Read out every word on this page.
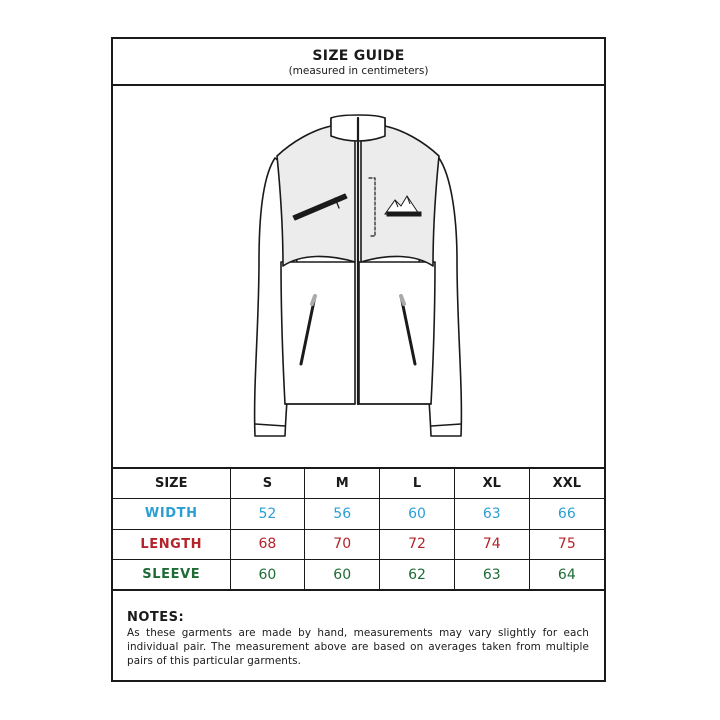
SIZE GUIDE
(measured in centimeters)
SIZE	S	M	L	XL	XXL
WIDTH	52	56	60	63	66
LENGTH	68	70	72	74	75
SLEEVE	60	60	62	63	64
NOTES:
As these garments are made by hand, measurements may vary slightly for each individual pair. The measurement above are based on averages taken from multiple pairs of this particular garments.
